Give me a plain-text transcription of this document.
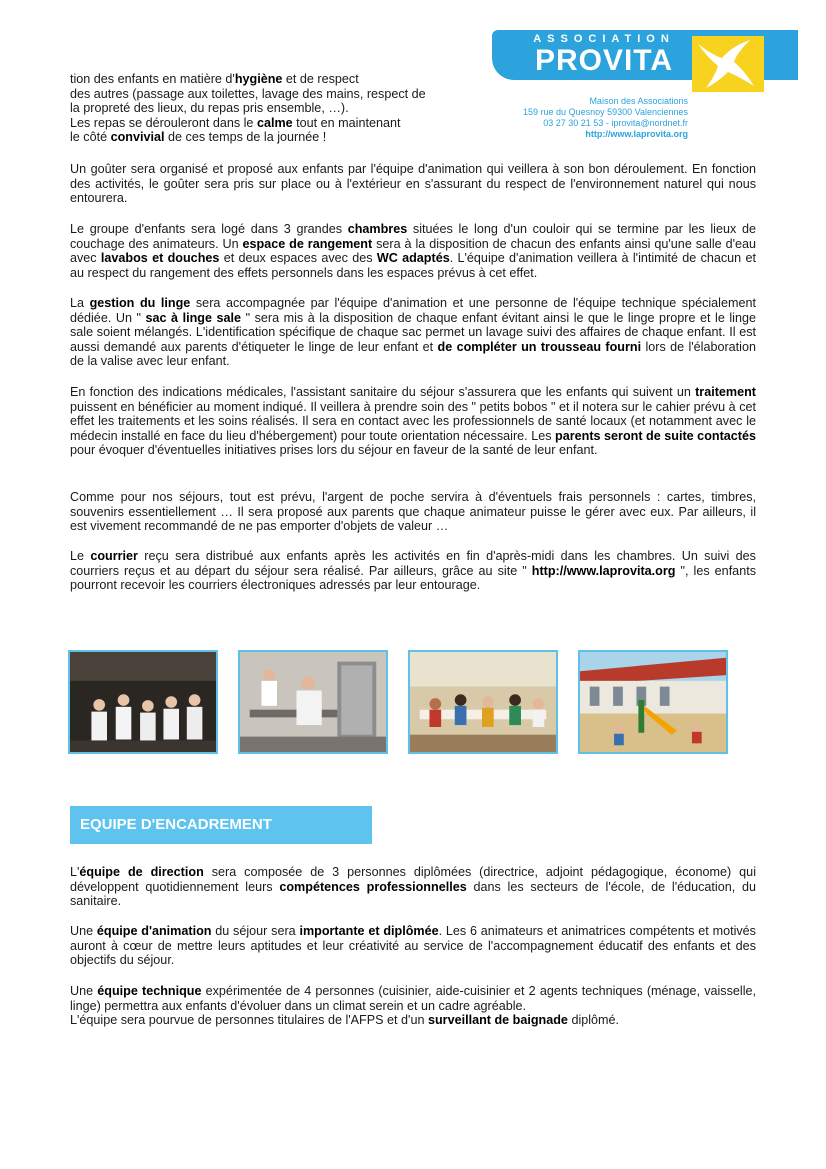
ASSOCIATION
PROVITA
Maison des Associations
159 rue du Quesnoy 59300 Valenciennes
03 27 30 21 53 - iprovita@nordnet.fr
http://www.laprovita.org
tion des enfants en matière d'hygiène et de respect
des autres (passage aux toilettes, lavage des mains, respect de
la propreté des lieux, du repas pris ensemble, …).
Les repas se dérouleront dans le calme tout en maintenant
le côté convivial de ces temps de la journée !
Un goûter sera organisé et proposé aux enfants par l'équipe d'animation qui veillera à son bon déroulement. En fonction des activités, le goûter sera pris sur place ou à l'extérieur en s'assurant du respect de l'environnement naturel qui nous entourera.
Le groupe d'enfants sera logé dans 3 grandes chambres situées le long d'un couloir qui se termine par les lieux de couchage des animateurs. Un espace de rangement sera à la disposition de chacun des enfants ainsi qu'une salle d'eau avec lavabos et douches et deux espaces avec des WC adaptés. L'équipe d'animation veillera à l'intimité de chacun et au respect du rangement des effets personnels dans les espaces prévus à cet effet.
La gestion du linge sera accompagnée par l'équipe d'animation et une personne de l'équipe technique spécialement dédiée. Un " sac à linge sale " sera mis à la disposition de chaque enfant évitant ainsi le que le linge propre et le linge sale soient mélangés. L'identification spécifique de chaque sac permet un lavage suivi des affaires de chaque enfant. Il est aussi demandé aux parents d'étiqueter le linge de leur enfant et de compléter un trousseau fourni lors de l'élaboration de la valise avec leur enfant.
En fonction des indications médicales, l'assistant sanitaire du séjour s'assurera que les enfants qui suivent un traitement puissent en bénéficier au moment indiqué. Il veillera à prendre soin des " petits bobos " et il notera sur le cahier prévu à cet effet les traitements et les soins réalisés. Il sera en contact avec les professionnels de santé locaux (et notamment avec le médecin installé en face du lieu d'hébergement) pour toute orientation nécessaire. Les parents seront de suite contactés pour évoquer d'éventuelles initiatives prises lors du séjour en faveur de la santé de leur enfant.
Comme pour nos séjours, tout est prévu, l'argent de poche servira à d'éventuels frais personnels : cartes, timbres, souvenirs essentiellement … Il sera proposé aux parents que chaque animateur puisse le gérer avec eux. Par ailleurs, il est vivement recommandé de ne pas emporter d'objets de valeur …
Le courrier reçu sera distribué aux enfants après les activités en fin d'après-midi dans les chambres. Un suivi des courriers reçus et au départ du séjour sera réalisé. Par ailleurs, grâce au site " http://www.laprovita.org ", les enfants pourront recevoir les courriers électroniques adressés par leur entourage.
EQUIPE D'ENCADREMENT
L'équipe de direction sera composée de 3 personnes diplômées (directrice, adjoint pédagogique, économe) qui développent quotidiennement leurs compétences professionnelles dans les secteurs de l'école, de l'éducation, du sanitaire.
Une équipe d'animation du séjour sera importante et diplômée. Les 6 animateurs et animatrices compétents et motivés auront à cœur de mettre leurs aptitudes et leur créativité au service de l'accompagnement éducatif des enfants et des objectifs du séjour.
Une équipe technique expérimentée de 4 personnes (cuisinier, aide-cuisinier et 2 agents techniques (ménage, vaisselle, linge) permettra aux enfants d'évoluer dans un climat serein et un cadre agréable.
L'équipe sera pourvue de personnes titulaires de l'AFPS et d'un surveillant de baignade diplômé.
